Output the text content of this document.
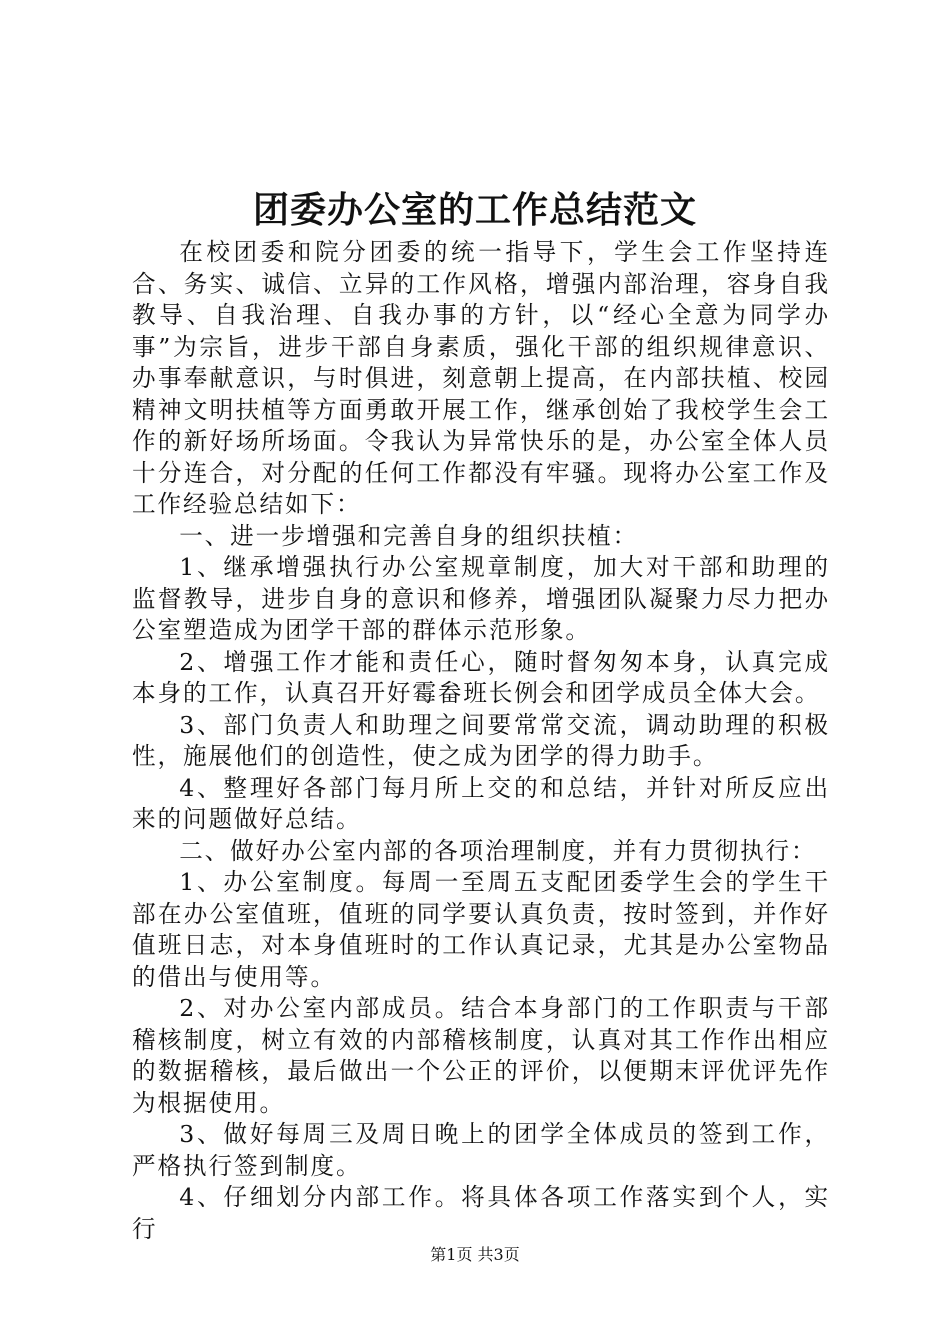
团委办公室的工作总结范文

在校团委和院分团委的统一指导下，学生会工作坚持连合、务实、诚信、立异的工作风格，增强内部治理，容身自我教导、自我治理、自我办事的方针，以“经心全意为同学办事”为宗旨，进步干部自身素质，强化干部的组织规律意识、办事奉献意识，与时俱进，刻意朝上提高，在内部扶植、校园精神文明扶植等方面勇敢开展工作，继承创始了我校学生会工作的新好场所场面。令我认为异常快乐的是，办公室全体人员十分连合，对分配的任何工作都没有牢骚。现将办公室工作及工作经验总结如下：

一、进一步增强和完善自身的组织扶植：

1、继承增强执行办公室规章制度，加大对干部和助理的监督教导，进步自身的意识和修养，增强团队凝聚力尽力把办公室塑造成为团学干部的群体示范形象。

2、增强工作才能和责任心，随时督匆匆本身，认真完成本身的工作，认真召开好霉畚班长例会和团学成员全体大会。

3、部门负责人和助理之间要常常交流，调动助理的积极性，施展他们的创造性，使之成为团学的得力助手。

4、整理好各部门每月所上交的和总结，并针对所反应出来的问题做好总结。

二、做好办公室内部的各项治理制度，并有力贯彻执行：

1、办公室制度。每周一至周五支配团委学生会的学生干部在办公室值班，值班的同学要认真负责，按时签到，并作好值班日志，对本身值班时的工作认真记录，尤其是办公室物品的借出与使用等。

2、对办公室内部成员。结合本身部门的工作职责与干部稽核制度，树立有效的内部稽核制度，认真对其工作作出相应的数据稽核，最后做出一个公正的评价，以便期末评优评先作为根据使用。

3、做好每周三及周日晚上的团学全体成员的签到工作，严格执行签到制度。

4、仔细划分内部工作。将具体各项工作落实到个人，实行

第1页 共3页
